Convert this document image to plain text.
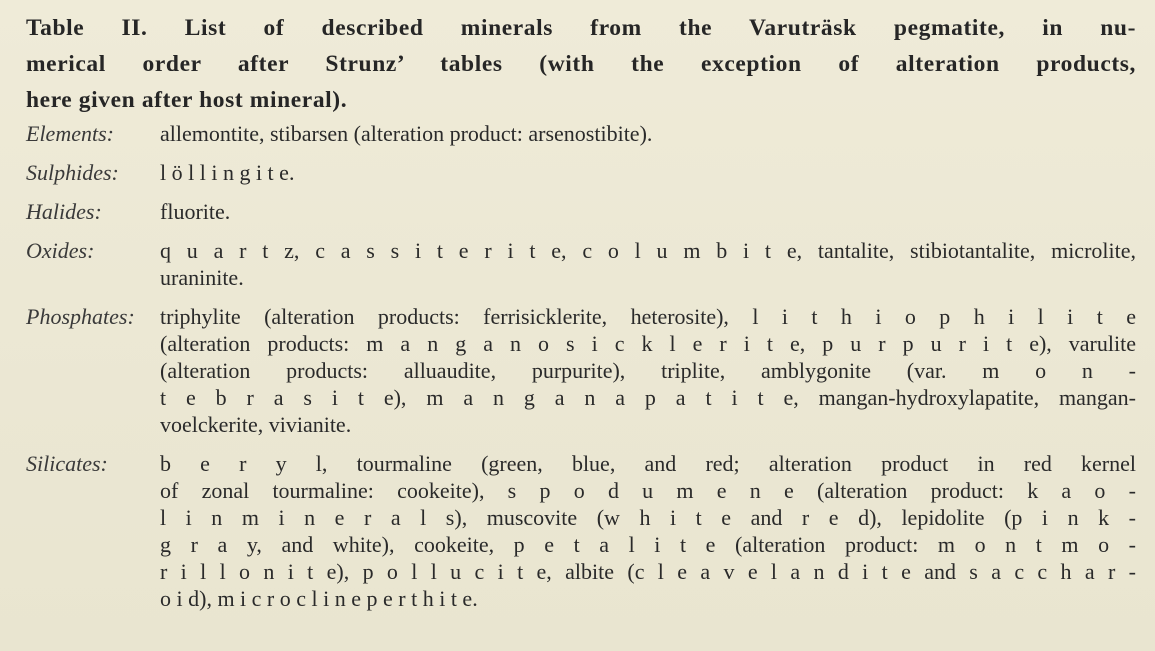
Table II. List of described minerals from the Varuträsk pegmatite, in nu-
merical order after Strunz’ tables (with the exception of alteration products,
here given after host mineral).
Elements:	allemontite, stibarsen (alteration product: arsenostibite).
Sulphides:	l ö l l i n g i t e.
Halides:	fluorite.
Oxides:	q u a r t z, c a s s i t e r i t e, c o l u m b i t e, tantalite, stibiotantalite, microlite,
uraninite.
Phosphates:	triphylite (alteration products: ferrisicklerite, heterosite), l i t h i o p h i l i t e
(alteration products: m a n g a n o s i c k l e r i t e, p u r p u r i t e), varulite
(alteration products: alluaudite, purpurite), triplite, amblygonite (var. m o n -
t e b r a s i t e), m a n g a n a p a t i t e, mangan-hydroxylapatite, mangan-
voelckerite, vivianite.
Silicates:	b e r y l, tourmaline (green, blue, and red; alteration product in red kernel
of zonal tourmaline: cookeite), s p o d u m e n e (alteration product: k a o -
l i n m i n e r a l s), muscovite (w h i t e and r e d), lepidolite (p i n k -
g r a y, and white), cookeite, p e t a l i t e (alteration product: m o n t m o -
r i l l o n i t e), p o l l u c i t e, albite (c l e a v e l a n d i t e and s a c c h a r -
o i d), m i c r o c l i n e p e r t h i t e.
